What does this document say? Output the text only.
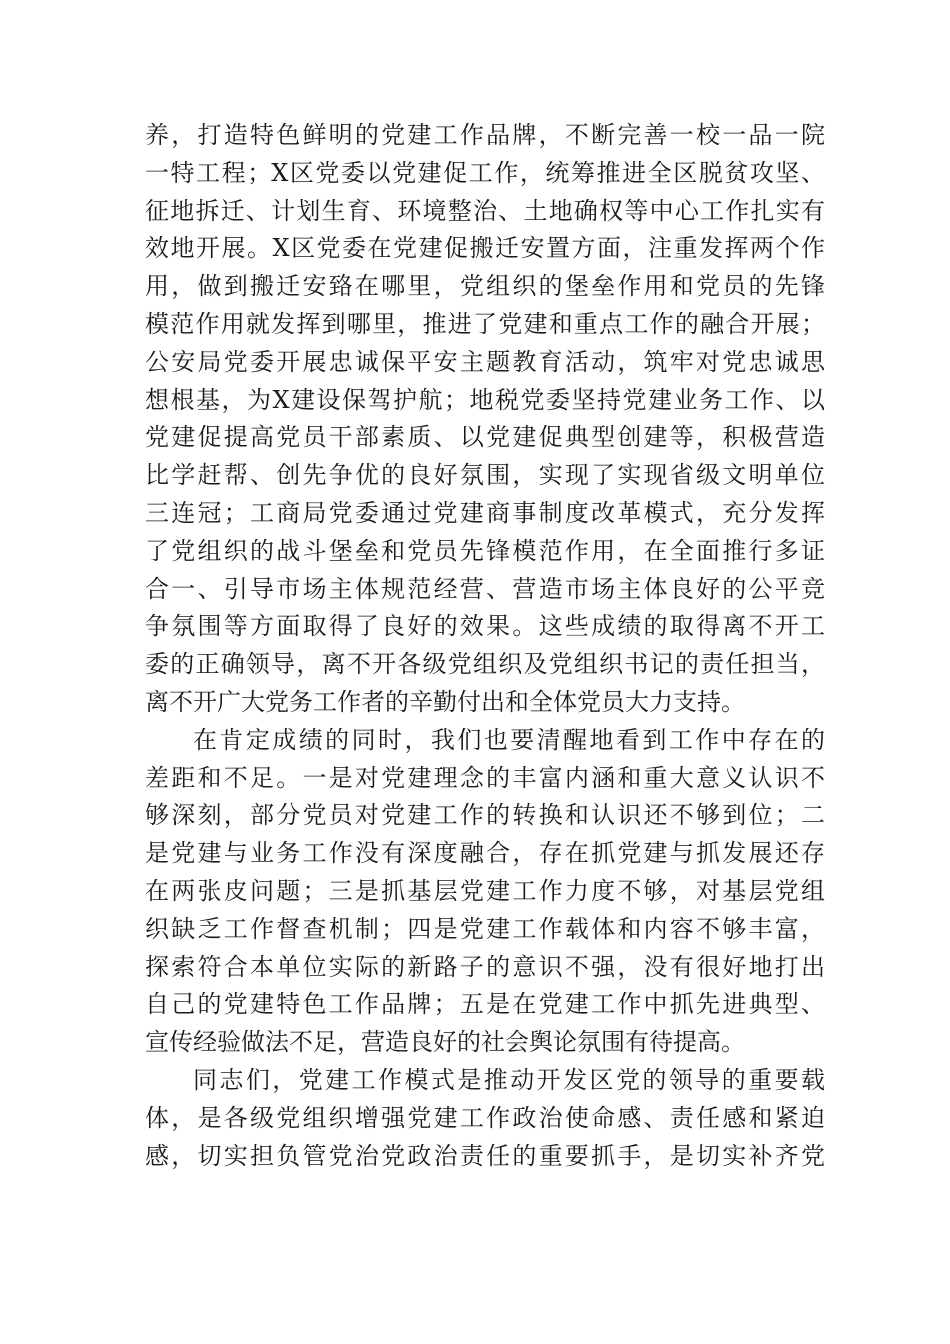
养，打造特色鲜明的党建工作品牌，不断完善一校一品一院
一特工程；X区党委以党建促工作，统筹推进全区脱贫攻坚、
征地拆迁、计划生育、环境整治、土地确权等中心工作扎实有
效地开展。X区党委在党建促搬迁安置方面，注重发挥两个作
用，做到搬迁安臵在哪里，党组织的堡垒作用和党员的先锋
模范作用就发挥到哪里，推进了党建和重点工作的融合开展；
公安局党委开展忠诚保平安主题教育活动，筑牢对党忠诚思
想根基，为X建设保驾护航；地税党委坚持党建业务工作、以
党建促提高党员干部素质、以党建促典型创建等，积极营造
比学赶帮、创先争优的良好氛围，实现了实现省级文明单位
三连冠；工商局党委通过党建商事制度改革模式，充分发挥
了党组织的战斗堡垒和党员先锋模范作用，在全面推行多证
合一、引导市场主体规范经营、营造市场主体良好的公平竞
争氛围等方面取得了良好的效果。这些成绩的取得离不开工
委的正确领导，离不开各级党组织及党组织书记的责任担当，
离不开广大党务工作者的辛勤付出和全体党员大力支持。
在肯定成绩的同时，我们也要清醒地看到工作中存在的
差距和不足。一是对党建理念的丰富内涵和重大意义认识不
够深刻，部分党员对党建工作的转换和认识还不够到位；二
是党建与业务工作没有深度融合，存在抓党建与抓发展还存
在两张皮问题；三是抓基层党建工作力度不够，对基层党组
织缺乏工作督查机制；四是党建工作载体和内容不够丰富，
探索符合本单位实际的新路子的意识不强，没有很好地打出
自己的党建特色工作品牌；五是在党建工作中抓先进典型、
宣传经验做法不足，营造良好的社会舆论氛围有待提高。
同志们，党建工作模式是推动开发区党的领导的重要载
体，是各级党组织增强党建工作政治使命感、责任感和紧迫
感，切实担负管党治党政治责任的重要抓手，是切实补齐党
